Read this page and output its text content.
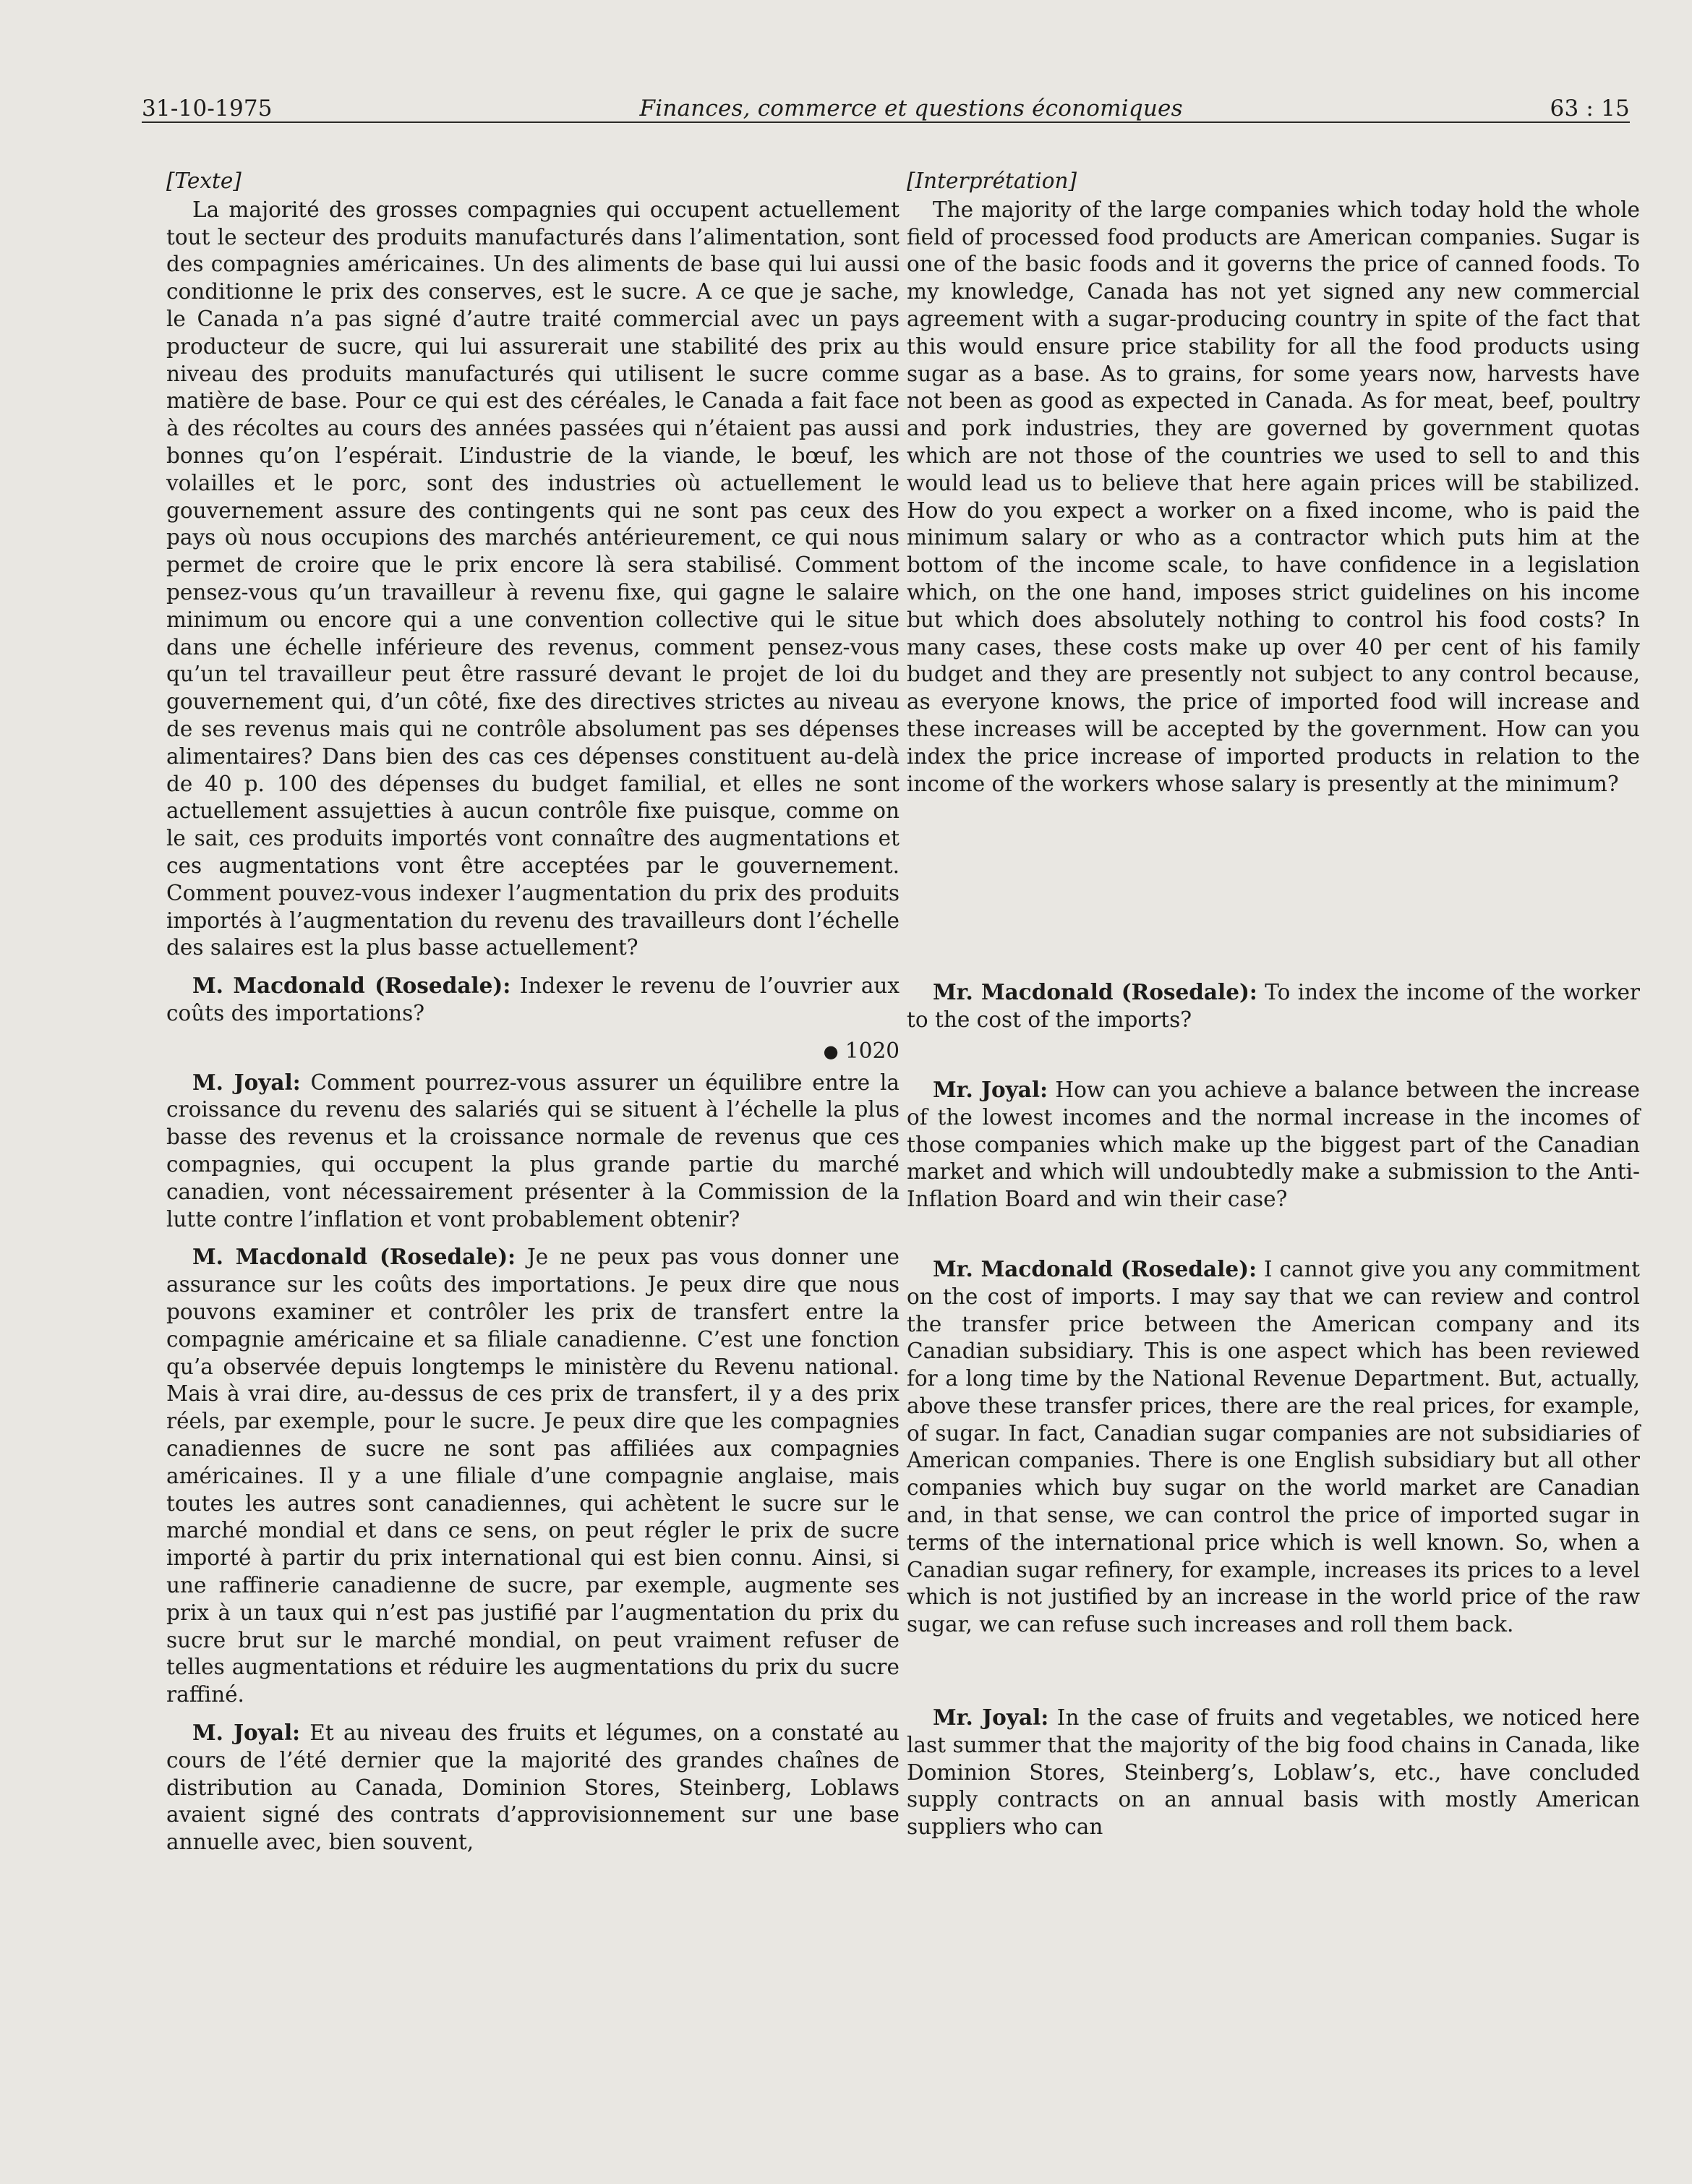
31-10-1975	Finances, commerce et questions économiques	63 : 15

[Texte]

La majorité des grosses compagnies qui occupent actuellement tout le secteur des produits manufacturés dans l’alimentation, sont des compagnies américaines. Un des aliments de base qui lui aussi conditionne le prix des conserves, est le sucre. A ce que je sache, le Canada n’a pas signé d’autre traité commercial avec un pays producteur de sucre, qui lui assurerait une stabilité des prix au niveau des produits manufacturés qui utilisent le sucre comme matière de base. Pour ce qui est des céréales, le Canada a fait face à des récoltes au cours des années passées qui n’étaient pas aussi bonnes qu’on l’espérait. L’industrie de la viande, le bœuf, les volailles et le porc, sont des industries où actuellement le gouvernement assure des contingents qui ne sont pas ceux des pays où nous occupions des marchés antérieurement, ce qui nous permet de croire que le prix encore là sera stabilisé. Comment pensez-vous qu’un travailleur à revenu fixe, qui gagne le salaire minimum ou encore qui a une convention collective qui le situe dans une échelle inférieure des revenus, comment pensez-vous qu’un tel travailleur peut être rassuré devant le projet de loi du gouvernement qui, d’un côté, fixe des directives strictes au niveau de ses revenus mais qui ne contrôle absolument pas ses dépenses alimentaires? Dans bien des cas ces dépenses constituent au-delà de 40 p. 100 des dépenses du budget familial, et elles ne sont actuellement assujetties à aucun contrôle fixe puisque, comme on le sait, ces produits importés vont connaître des augmentations et ces augmentations vont être acceptées par le gouvernement. Comment pouvez-vous indexer l’augmentation du prix des produits importés à l’augmentation du revenu des travailleurs dont l’échelle des salaires est la plus basse actuellement?

M. Macdonald (Rosedale): Indexer le revenu de l’ouvrier aux coûts des importations?

● 1020

M. Joyal: Comment pourrez-vous assurer un équilibre entre la croissance du revenu des salariés qui se situent à l’échelle la plus basse des revenus et la croissance normale de revenus que ces compagnies, qui occupent la plus grande partie du marché canadien, vont nécessairement présenter à la Commission de la lutte contre l’inflation et vont probablement obtenir?

M. Macdonald (Rosedale): Je ne peux pas vous donner une assurance sur les coûts des importations. Je peux dire que nous pouvons examiner et contrôler les prix de transfert entre la compagnie américaine et sa filiale canadienne. C’est une fonction qu’a observée depuis longtemps le ministère du Revenu national. Mais à vrai dire, au-dessus de ces prix de transfert, il y a des prix réels, par exemple, pour le sucre. Je peux dire que les compagnies canadiennes de sucre ne sont pas affiliées aux compagnies américaines. Il y a une filiale d’une compagnie anglaise, mais toutes les autres sont canadiennes, qui achètent le sucre sur le marché mondial et dans ce sens, on peut régler le prix de sucre importé à partir du prix international qui est bien connu. Ainsi, si une raffinerie canadienne de sucre, par exemple, augmente ses prix à un taux qui n’est pas justifié par l’augmentation du prix du sucre brut sur le marché mondial, on peut vraiment refuser de telles augmentations et réduire les augmentations du prix du sucre raffiné.

M. Joyal: Et au niveau des fruits et légumes, on a constaté au cours de l’été dernier que la majorité des grandes chaînes de distribution au Canada, Dominion Stores, Steinberg, Loblaws avaient signé des contrats d’approvisionnement sur une base annuelle avec, bien souvent,

[Interprétation]

The majority of the large companies which today hold the whole field of processed food products are American companies. Sugar is one of the basic foods and it governs the price of canned foods. To my knowledge, Canada has not yet signed any new commercial agreement with a sugar-producing country in spite of the fact that this would ensure price stability for all the food products using sugar as a base. As to grains, for some years now, harvests have not been as good as expected in Canada. As for meat, beef, poultry and pork industries, they are governed by government quotas which are not those of the countries we used to sell to and this would lead us to believe that here again prices will be stabilized. How do you expect a worker on a fixed income, who is paid the minimum salary or who as a contractor which puts him at the bottom of the income scale, to have confidence in a legislation which, on the one hand, imposes strict guidelines on his income but which does absolutely nothing to control his food costs? In many cases, these costs make up over 40 per cent of his family budget and they are presently not subject to any control because, as everyone knows, the price of imported food will increase and these increases will be accepted by the government. How can you index the price increase of imported products in relation to the income of the workers whose salary is presently at the minimum?

Mr. Macdonald (Rosedale): To index the income of the worker to the cost of the imports?

Mr. Joyal: How can you achieve a balance between the increase of the lowest incomes and the normal increase in the incomes of those companies which make up the biggest part of the Canadian market and which will undoubtedly make a submission to the Anti-Inflation Board and win their case?

Mr. Macdonald (Rosedale): I cannot give you any commitment on the cost of imports. I may say that we can review and control the transfer price between the American company and its Canadian subsidiary. This is one aspect which has been reviewed for a long time by the National Revenue Department. But, actually, above these transfer prices, there are the real prices, for example, of sugar. In fact, Canadian sugar companies are not subsidiaries of American companies. There is one English subsidiary but all other companies which buy sugar on the world market are Canadian and, in that sense, we can control the price of imported sugar in terms of the international price which is well known. So, when a Canadian sugar refinery, for example, increases its prices to a level which is not justified by an increase in the world price of the raw sugar, we can refuse such increases and roll them back.

Mr. Joyal: In the case of fruits and vegetables, we noticed here last summer that the majority of the big food chains in Canada, like Dominion Stores, Steinberg’s, Loblaw’s, etc., have concluded supply contracts on an annual basis with mostly American suppliers who can
